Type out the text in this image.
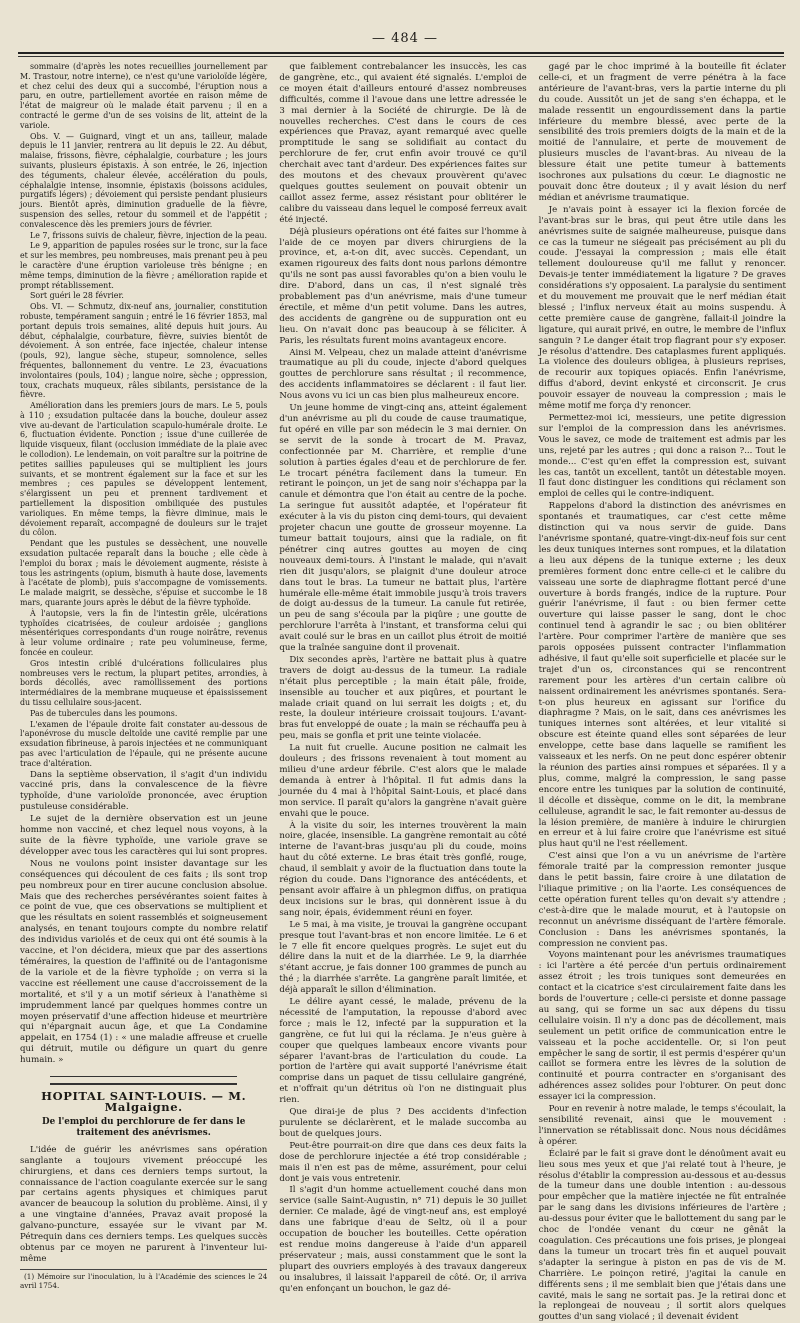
— 484 —

sommaire (d'après les notes recueillies journellement par M. Trastour, notre interne), ce n'est qu'une varioloïde légère, et chez celui des deux qui a succombé, l'éruption nous a paru, en outre, partiellement avortée en raison même de l'état de maigreur où le malade était parvenu ; il en a contracté le germe d'un de ses voisins de lit, atteint de la variole.

Obs. V. — Guignard, vingt et un ans, tailleur, malade depuis le 11 janvier, rentrera au lit depuis le 22. Au début, malaise, frissons, fièvre, céphalalgie, courbature ; les jours suivants, plusieurs épistaxis. À son entrée, le 26, injection des téguments, chaleur élevée, accélération du pouls, céphalalgie intense, insomnie, épistaxis (boissons acidules, purgatifs légers) ; dévoiement qui persiste pendant plusieurs jours. Bientôt après, diminution graduelle de la fièvre, suspension des selles, retour du sommeil et de l'appétit ; convalescence dès les premiers jours de février.

Le 7, frissons suivis de chaleur, fièvre, injection de la peau.

Le 9, apparition de papules rosées sur le tronc, sur la face et sur les membres, peu nombreuses, mais prenant peu à peu le caractère d'une éruption varioleuse très bénigne ; en même temps, diminution de la fièvre ; amélioration rapide et prompt rétablissement.

Sort guéri le 28 février.

Obs. VI. — Schmutz, dix-neuf ans, journalier, constitution robuste, tempérament sanguin ; entré le 16 février 1853, mal portant depuis trois semaines, alité depuis huit jours. Au début, céphalalgie, courbature, fièvre, suivies bientôt de dévoiement. À son entrée, face injectée, chaleur intense (pouls, 92), langue sèche, stupeur, somnolence, selles fréquentes, ballonnement du ventre. Le 23, évacuations involontaires (pouls, 104) ; langue noire, sèche ; oppression, toux, crachats muqueux, râles sibilants, persistance de la fièvre.

Amélioration dans les premiers jours de mars. Le 5, pouls à 110 ; exsudation pultacée dans la bouche, douleur assez vive au-devant de l'articulation scapulo-humérale droite. Le 6, fluctuation évidente. Ponction ; issue d'une cuillerée de liquide visqueux, filant (occlusion immédiate de la plaie avec le collodion). Le lendemain, on voit paraître sur la poitrine de petites saillies papuleuses qui se multiplient les jours suivants, et se montrent également sur la face et sur les membres ; ces papules se développent lentement, s'élargissent un peu et prennent tardivement et partiellement la disposition ombiliquée des pustules varioliques. En même temps, la fièvre diminue, mais le dévoiement reparaît, accompagné de douleurs sur le trajet du côlon.

Pendant que les pustules se dessèchent, une nouvelle exsudation pultacée reparaît dans la bouche ; elle cède à l'emploi du borax ; mais le dévoiement augmente, résiste à tous les astringents (opium, bismuth à haute dose, lavements à l'acétate de plomb), puis s'accompagne de vomissements. Le malade maigrit, se dessèche, s'épuise et succombe le 18 mars, quarante jours après le début de la fièvre typhoïde.

À l'autopsie, vers la fin de l'intestin grêle, ulcérations typhoïdes cicatrisées, de couleur ardoisée ; ganglions mésentériques correspondants d'un rouge noirâtre, revenus à leur volume ordinaire ; rate peu volumineuse, ferme, foncée en couleur.

Gros intestin criblé d'ulcérations folliculaires plus nombreuses vers le rectum, la plupart petites, arrondies, à bords décollés, avec ramollissement des portions intermédiaires de la membrane muqueuse et épaississement du tissu cellulaire sous-jacent.

Pas de tubercules dans les poumons.

L'examen de l'épaule droite fait constater au-dessous de l'aponévrose du muscle deltoïde une cavité remplie par une exsudation fibrineuse, à parois injectées et ne communiquant pas avec l'articulation de l'épaule, qui ne présente aucune trace d'altération.

Dans la septième observation, il s'agit d'un individu vacciné pris, dans la convalescence de la fièvre typhoïde, d'une varioloïde prononcée, avec éruption pustuleuse considérable.

Le sujet de la dernière observation est un jeune homme non vacciné, et chez lequel nous voyons, à la suite de la fièvre typhoïde, une variole grave se développer avec tous les caractères qui lui sont propres.

Nous ne voulons point insister davantage sur les conséquences qui découlent de ces faits ; ils sont trop peu nombreux pour en tirer aucune conclusion absolue. Mais que des recherches persévérantes soient faites à ce point de vue, que ces observations se multiplient et que les résultats en soient rassemblés et soigneusement analysés, en tenant toujours compte du nombre relatif des individus variolés et de ceux qui ont été soumis à la vaccine, et l'on décidera, mieux que par des assertions téméraires, la question de l'affinité ou de l'antagonisme de la variole et de la fièvre typhoïde ; on verra si la vaccine est réellement une cause d'accroissement de la mortalité, et s'il y a un motif sérieux à l'anathème si imprudemment lancé par quelques hommes contre un moyen préservatif d'une affection hideuse et meurtrière qui n'épargnait aucun âge, et que La Condamine appelait, en 1754 (1) : « une maladie affreuse et cruelle qui détruit, mutile ou défigure un quart du genre humain. »

HOPITAL SAINT-LOUIS. — M. Malgaigne.
De l'emploi du perchlorure de fer dans le traitement des anévrismes.

L'idée de guérir les anévrismes sans opération sanglante a toujours vivement préoccupé les chirurgiens, et dans ces derniers temps surtout, la connaissance de l'action coagulante exercée sur le sang par certains agents physiques et chimiques parut avancer de beaucoup la solution du problème. Ainsi, il y a une vingtaine d'années, Pravaz avait proposé la galvano-puncture, essayée sur le vivant par M. Pétrequin dans ces derniers temps. Les quelques succès obtenus par ce moyen ne parurent à l'inventeur lui-même

(1) Mémoire sur l'inoculation, lu à l'Académie des sciences le 24 avril 1754.

que faiblement contrebalancer les insuccès, les cas de gangrène, etc., qui avaient été signalés. L'emploi de ce moyen était d'ailleurs entouré d'assez nombreuses difficultés, comme il l'avoue dans une lettre adressée le 3 mai dernier à la Société de chirurgie. De là de nouvelles recherches. C'est dans le cours de ces expériences que Pravaz, ayant remarqué avec quelle promptitude le sang se solidifiait au contact du perchlorure de fer, crut enfin avoir trouvé ce qu'il cherchait avec tant d'ardeur. Des expériences faites sur des moutons et des chevaux prouvèrent qu'avec quelques gouttes seulement on pouvait obtenir un caillot assez ferme, assez résistant pour oblitérer le calibre du vaisseau dans lequel le composé ferreux avait été injecté.

Déjà plusieurs opérations ont été faites sur l'homme à l'aide de ce moyen par divers chirurgiens de la province, et, a-t-on dit, avec succès. Cependant, un examen rigoureux des faits dont nous parlons démontre qu'ils ne sont pas aussi favorables qu'on a bien voulu le dire. D'abord, dans un cas, il n'est signalé très probablement pas d'un anévrisme, mais d'une tumeur érectile, et même d'un petit volume. Dans les autres, des accidents de gangrène ou de suppuration ont eu lieu. On n'avait donc pas beaucoup à se féliciter. À Paris, les résultats furent moins avantageux encore.

Ainsi M. Velpeau, chez un malade atteint d'anévrisme traumatique au pli du coude, injecte d'abord quelques gouttes de perchlorure sans résultat ; il recommence, des accidents inflammatoires se déclarent : il faut lier. Nous avons vu ici un cas bien plus malheureux encore.

Un jeune homme de vingt-cinq ans, atteint également d'un anévrisme au pli du coude de cause traumatique, fut opéré en ville par son médecin le 3 mai dernier. On se servit de la sonde à trocart de M. Pravaz, confectionnée par M. Charrière, et remplie d'une solution à parties égales d'eau et de perchlorure de fer. Le trocart pénétra facilement dans la tumeur. En retirant le poinçon, un jet de sang noir s'échappa par la canule et démontra que l'on était au centre de la poche. La seringue fut aussitôt adaptée, et l'opérateur fit exécuter à la vis du piston cinq demi-tours, qui devaient projeter chacun une goutte de grosseur moyenne. La tumeur battait toujours, ainsi que la radiale, on fit pénétrer cinq autres gouttes au moyen de cinq nouveaux demi-tours. À l'instant le malade, qui n'avait rien dit jusqu'alors, se plaignit d'une douleur atroce dans tout le bras. La tumeur ne battait plus, l'artère humérale elle-même était immobile jusqu'à trois travers de doigt au-dessus de la tumeur. La canule fut retirée, un peu de sang s'écoula par la piqûre ; une goutte de perchlorure l'arrêta à l'instant, et transforma celui qui avait coulé sur le bras en un caillot plus étroit de moitié que la traînée sanguine dont il provenait.

Dix secondes après, l'artère ne battait plus à quatre travers de doigt au-dessus de la tumeur. La radiale n'était plus perceptible ; la main était pâle, froide, insensible au toucher et aux piqûres, et pourtant le malade criait quand on lui serrait les doigts ; et, du reste, la douleur intérieure croissait toujours. L'avant-bras fut enveloppé de ouate ; la main se réchauffa peu à peu, mais se gonfla et prit une teinte violacée.

La nuit fut cruelle. Aucune position ne calmait les douleurs ; des frissons revenaient à tout moment au milieu d'une ardeur fébrile. C'est alors que le malade demanda à entrer à l'hôpital. Il fut admis dans la journée du 4 mai à l'hôpital Saint-Louis, et placé dans mon service. Il paraît qu'alors la gangrène n'avait guère envahi que le pouce.

À la visite du soir, les internes trouvèrent la main noire, glacée, insensible. La gangrène remontait au côté interne de l'avant-bras jusqu'au pli du coude, moins haut du côté externe. Le bras était très gonflé, rouge, chaud, il semblait y avoir de la fluctuation dans toute la région du coude. Dans l'ignorance des antécédents, et pensant avoir affaire à un phlegmon diffus, on pratiqua deux incisions sur le bras, qui donnèrent issue à du sang noir, épais, évidemment réuni en foyer.

Le 5 mai, à ma visite, je trouvai la gangrène occupant presque tout l'avant-bras et non encore limitée. Le 6 et le 7 elle fit encore quelques progrès. Le sujet eut du délire dans la nuit et de la diarrhée. Le 9, la diarrhée s'étant accrue, je fais donner 100 grammes de punch au thé ; la diarrhée s'arrête. La gangrène paraît limitée, et déjà apparaît le sillon d'élimination.

Le délire ayant cessé, le malade, prévenu de la nécessité de l'amputation, la repousse d'abord avec force ; mais le 12, infecté par la suppuration et la gangrène, ce fut lui qui la réclama. Je n'eus guère à couper que quelques lambeaux encore vivants pour séparer l'avant-bras de l'articulation du coude. La portion de l'artère qui avait supporté l'anévrisme était comprise dans un paquet de tissu cellulaire gangréné, et n'offrait qu'un détritus où l'on ne distinguait plus rien.

Que dirai-je de plus ? Des accidents d'infection purulente se déclarèrent, et le malade succomba au bout de quelques jours.

Peut-être pourrait-on dire que dans ces deux faits la dose de perchlorure injectée a été trop considérable ; mais il n'en est pas de même, assurément, pour celui dont je vais vous entretenir.

Il s'agit d'un homme actuellement couché dans mon service (salle Saint-Augustin, n° 71) depuis le 30 juillet dernier. Ce malade, âgé de vingt-neuf ans, est employé dans une fabrique d'eau de Seltz, où il a pour occupation de boucher les bouteilles. Cette opération est rendue moins dangereuse à l'aide d'un appareil préservateur ; mais, aussi constamment que le sont la plupart des ouvriers employés à des travaux dangereux ou insalubres, il laissait l'appareil de côté. Or, il arriva qu'en enfonçant un bouchon, le gaz dé-

gagé par le choc imprimé à la bouteille fit éclater celle-ci, et un fragment de verre pénétra à la face antérieure de l'avant-bras, vers la partie interne du pli du coude. Aussitôt un jet de sang s'en échappa, et le malade ressentit un engourdissement dans la partie inférieure du membre blessé, avec perte de la sensibilité des trois premiers doigts de la main et de la moitié de l'annulaire, et perte de mouvement de plusieurs muscles de l'avant-bras. Au niveau de la blessure était une petite tumeur à battements isochrones aux pulsations du cœur. Le diagnostic ne pouvait donc être douteux ; il y avait lésion du nerf médian et anévrisme traumatique.

Je n'avais point à essayer ici la flexion forcée de l'avant-bras sur le bras, qui peut être utile dans les anévrismes suite de saignée malheureuse, puisque dans ce cas la tumeur ne siégeait pas précisément au pli du coude. J'essayai la compression ; mais elle était tellement douloureuse qu'il me fallut y renoncer. Devais-je tenter immédiatement la ligature ? De graves considérations s'y opposaient. La paralysie du sentiment et du mouvement me prouvait que le nerf médian était blessé ; l'influx nerveux était au moins suspendu. À cette première cause de gangrène, fallait-il joindre la ligature, qui aurait privé, en outre, le membre de l'influx sanguin ? Le danger était trop flagrant pour s'y exposer. Je résolus d'attendre. Des cataplasmes furent appliqués. La violence des douleurs obligea, à plusieurs reprises, de recourir aux topiques opiacés. Enfin l'anévrisme, diffus d'abord, devint enkysté et circonscrit. Je crus pouvoir essayer de nouveau la compression ; mais le même motif me força d'y renoncer.

Permettez-moi ici, messieurs, une petite digression sur l'emploi de la compression dans les anévrismes. Vous le savez, ce mode de traitement est admis par les uns, rejeté par les autres ; qui donc a raison ?... Tout le monde... C'est qu'en effet la compression est, suivant les cas, tantôt un excellent, tantôt un détestable moyen. Il faut donc distinguer les conditions qui réclament son emploi de celles qui le contre-indiquent.

Rappelons d'abord la distinction des anévrismes en spontanés et traumatiques, car c'est cette même distinction qui va nous servir de guide. Dans l'anévrisme spontané, quatre-vingt-dix-neuf fois sur cent les deux tuniques internes sont rompues, et la dilatation a lieu aux dépens de la tunique externe ; les deux premières forment donc entre celle-ci et le calibre du vaisseau une sorte de diaphragme flottant percé d'une ouverture à bords frangés, indice de la rupture. Pour guérir l'anévrisme, il faut : ou bien fermer cette ouverture qui laisse passer le sang, dont le choc continuel tend à agrandir le sac ; ou bien oblitérer l'artère. Pour comprimer l'artère de manière que ses parois opposées puissent contracter l'inflammation adhésive, il faut qu'elle soit superficielle et placée sur le trajet d'un os, circonstances qui se rencontrent rarement pour les artères d'un certain calibre où naissent ordinairement les anévrismes spontanés. Sera-t-on plus heureux en agissant sur l'orifice du diaphragme ? Mais, on le sait, dans ces anévrismes les tuniques internes sont altérées, et leur vitalité si obscure est éteinte quand elles sont séparées de leur enveloppe, cette base dans laquelle se ramifient les vaisseaux et les nerfs. On ne peut donc espérer obtenir la réunion des parties ainsi rompues et séparées. Il y a plus, comme, malgré la compression, le sang passe encore entre les tuniques par la solution de continuité, il décolle et dissèque, comme on le dit, la membrane celluleuse, agrandit le sac, le fait remonter au-dessus de la lésion première, de manière à induire le chirurgien en erreur et à lui faire croire que l'anévrisme est situé plus haut qu'il ne l'est réellement.

C'est ainsi que l'on a vu un anévrisme de l'artère fémorale traité par la compression remonter jusque dans le petit bassin, faire croire à une dilatation de l'iliaque primitive ; on lia l'aorte. Les conséquences de cette opération furent telles qu'on devait s'y attendre ; c'est-à-dire que le malade mourut, et à l'autopsie on reconnut un anévrisme disséquant de l'artère fémorale. Conclusion : Dans les anévrismes spontanés, la compression ne convient pas.

Voyons maintenant pour les anévrismes traumatiques : ici l'artère a été percée d'un pertuis ordinairement assez étroit ; les trois tuniques sont demeurées en contact et la cicatrice s'est circulairement faite dans les bords de l'ouverture ; celle-ci persiste et donne passage au sang, qui se forme un sac aux dépens du tissu cellulaire voisin. Il n'y a donc pas de décollement, mais seulement un petit orifice de communication entre le vaisseau et la poche accidentelle. Or, si l'on peut empêcher le sang de sortir, il est permis d'espérer qu'un caillot se formera entre les lèvres de la solution de continuité et pourra contracter en s'organisant des adhérences assez solides pour l'obturer. On peut donc essayer ici la compression.

Pour en revenir à notre malade, le temps s'écoulait, la sensibilité revenait, ainsi que le mouvement : l'innervation se rétablissait donc. Nous nous décidâmes à opérer.

Éclairé par le fait si grave dont le dénoûment avait eu lieu sous mes yeux et que j'ai relaté tout à l'heure, je résolus d'établir la compression au-dessous et au-dessus de la tumeur dans une double intention : au-dessous pour empêcher que la matière injectée ne fût entraînée par le sang dans les divisions inférieures de l'artère ; au-dessus pour éviter que le ballottement du sang par le choc de l'ondée venant du cœur ne gênât la coagulation. Ces précautions une fois prises, je plongeai dans la tumeur un trocart très fin et auquel pouvait s'adapter la seringue à piston en pas de vis de M. Charrière. Le poinçon retiré, j'agitai la canule en différents sens ; il me semblait bien que j'étais dans une cavité, mais le sang ne sortait pas. Je la retirai donc et la replongeai de nouveau ; il sortit alors quelques gouttes d'un sang violacé ; il devenait évident
